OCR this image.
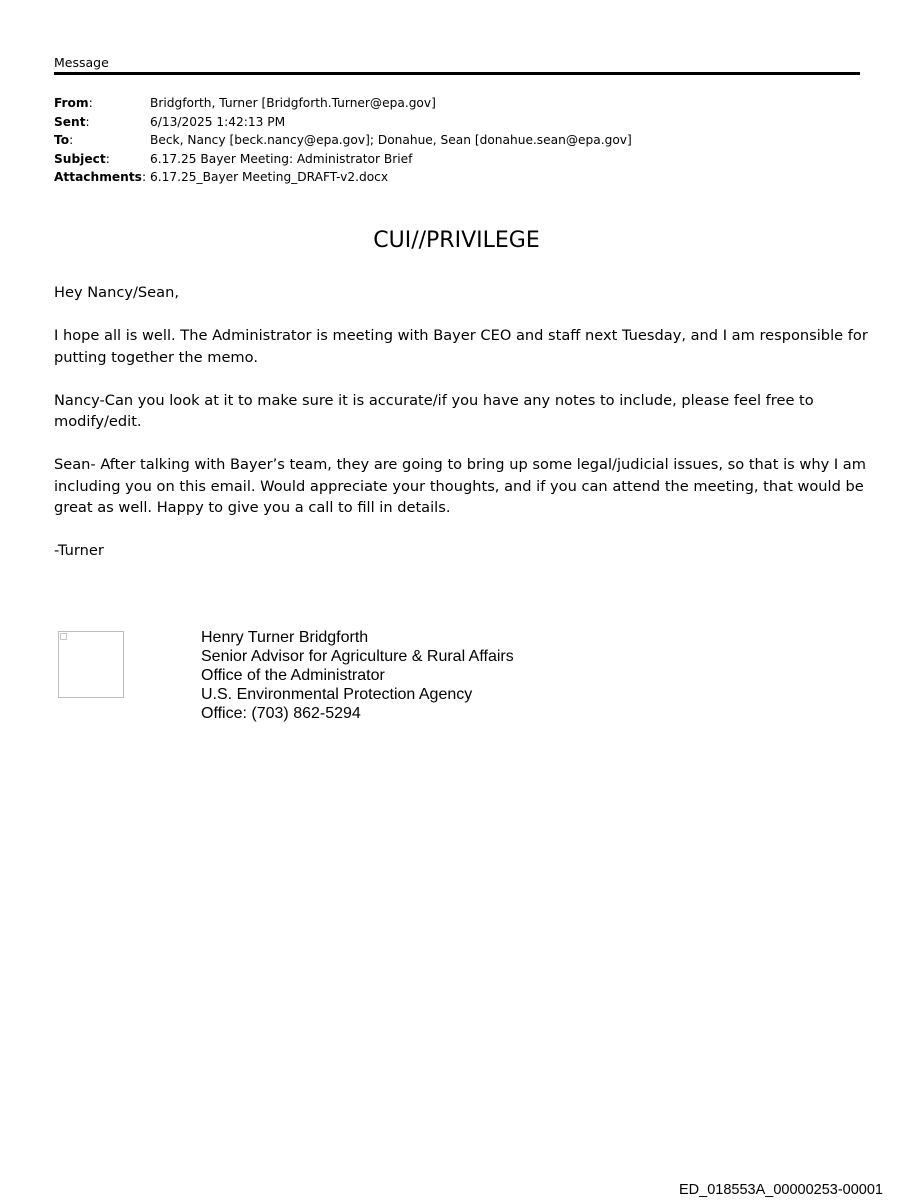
Message
From:	Bridgforth, Turner [Bridgforth.Turner@epa.gov]
Sent:	6/13/2025 1:42:13 PM
To:	Beck, Nancy [beck.nancy@epa.gov]; Donahue, Sean [donahue.sean@epa.gov]
Subject:	6.17.25 Bayer Meeting: Administrator Brief
Attachments: 6.17.25_Bayer Meeting_DRAFT-v2.docx
CUI//PRIVILEGE

Hey Nancy/Sean,

I hope all is well. The Administrator is meeting with Bayer CEO and staff next Tuesday, and I am responsible for putting together the memo.

Nancy-Can you look at it to make sure it is accurate/if you have any notes to include, please feel free to modify/edit.

Sean- After talking with Bayer’s team, they are going to bring up some legal/judicial issues, so that is why I am including you on this email. Would appreciate your thoughts, and if you can attend the meeting, that would be great as well. Happy to give you a call to fill in details.

-Turner

Henry Turner Bridgforth
Senior Advisor for Agriculture & Rural Affairs
Office of the Administrator
U.S. Environmental Protection Agency
Office: (703) 862-5294
ED_018553A_00000253-00001
